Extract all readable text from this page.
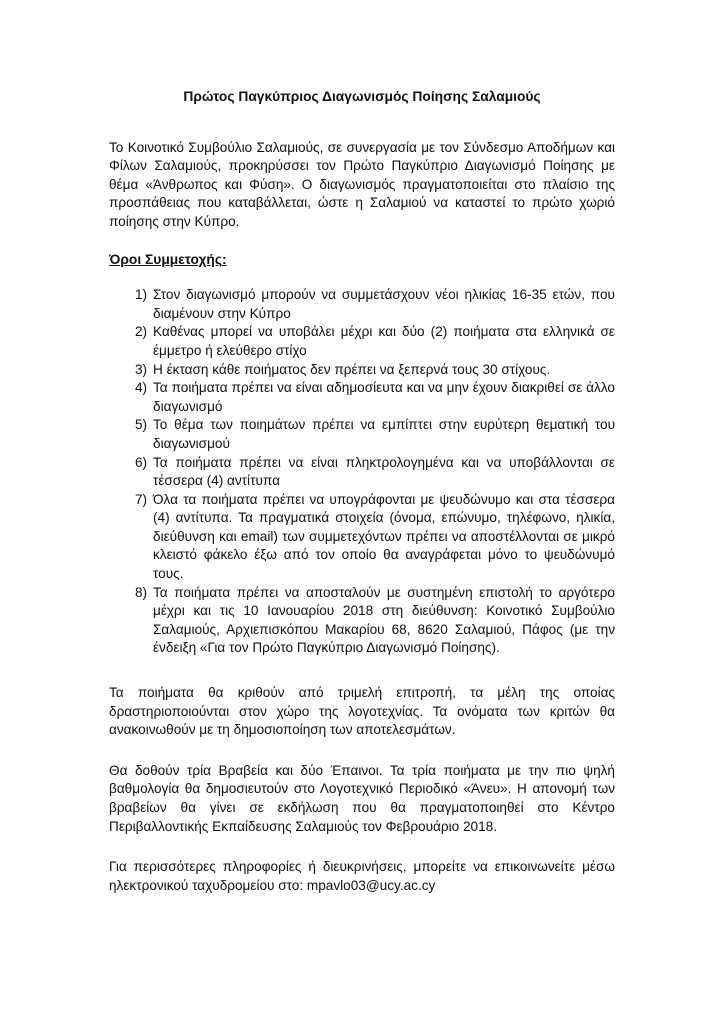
Πρώτος Παγκύπριος Διαγωνισμός Ποίησης Σαλαμιούς

Το Κοινοτικό Συμβούλιο Σαλαμιούς, σε συνεργασία με τον Σύνδεσμο Αποδήμων και Φίλων Σαλαμιούς, προκηρύσσει τον Πρώτο Παγκύπριο Διαγωνισμό Ποίησης με θέμα «Άνθρωπος και Φύση». Ο διαγωνισμός πραγματοποιείται στο πλαίσιο της προσπάθειας που καταβάλλεται, ώστε η Σαλαμιού να καταστεί το πρώτο χωριό ποίησης στην Κύπρο.

Όροι Συμμετοχής:

1) Στον διαγωνισμό μπορούν να συμμετάσχουν νέοι ηλικίας 16-35 ετών, που διαμένουν στην Κύπρο
2) Καθένας μπορεί να υποβάλει μέχρι και δύο (2) ποιήματα στα ελληνικά σε έμμετρο ή ελεύθερο στίχο
3) Η έκταση κάθε ποιήματος δεν πρέπει να ξεπερνά τους 30 στίχους.
4) Τα ποιήματα πρέπει να είναι αδημοσίευτα και να μην έχουν διακριθεί σε άλλο διαγωνισμό
5) Το θέμα των ποιημάτων πρέπει να εμπίπτει στην ευρύτερη θεματική του διαγωνισμού
6) Τα ποιήματα πρέπει να είναι πληκτρολογημένα και να υποβάλλονται σε τέσσερα (4) αντίτυπα
7) Όλα τα ποιήματα πρέπει να υπογράφονται με ψευδώνυμο και στα τέσσερα (4) αντίτυπα. Τα πραγματικά στοιχεία (όνομα, επώνυμο, τηλέφωνο, ηλικία, διεύθυνση και email) των συμμετεχόντων πρέπει να αποστέλλονται σε μικρό κλειστό φάκελο έξω από τον οποίο θα αναγράφεται μόνο το ψευδώνυμό τους.
8) Τα ποιήματα πρέπει να αποσταλούν με συστημένη επιστολή το αργότερο μέχρι και τις 10 Ιανουαρίου 2018 στη διεύθυνση: Κοινοτικό Συμβούλιο Σαλαμιούς, Αρχιεπισκόπου Μακαρίου 68, 8620 Σαλαμιού, Πάφος (με την ένδειξη «Για τον Πρώτο Παγκύπριο Διαγωνισμό Ποίησης).

Τα ποιήματα θα κριθούν από τριμελή επιτροπή, τα μέλη της οποίας δραστηριοποιούνται στον χώρο της λογοτεχνίας. Τα ονόματα των κριτών θα ανακοινωθούν με τη δημοσιοποίηση των αποτελεσμάτων.

Θα δοθούν τρία Βραβεία και δύο Έπαινοι. Τα τρία ποιήματα με την πιο ψηλή βαθμολογία θα δημοσιευτούν στο Λογοτεχνικό Περιοδικό «Άνευ». Η απονομή των βραβείων θα γίνει σε εκδήλωση που θα πραγματοποιηθεί στο Κέντρο Περιβαλλοντικής Εκπαίδευσης Σαλαμιούς τον Φεβρουάριο 2018.

Για περισσότερες πληροφορίες ή διευκρινήσεις, μπορείτε να επικοινωνείτε μέσω ηλεκτρονικού ταχυδρομείου στο: mpavlo03@ucy.ac.cy
